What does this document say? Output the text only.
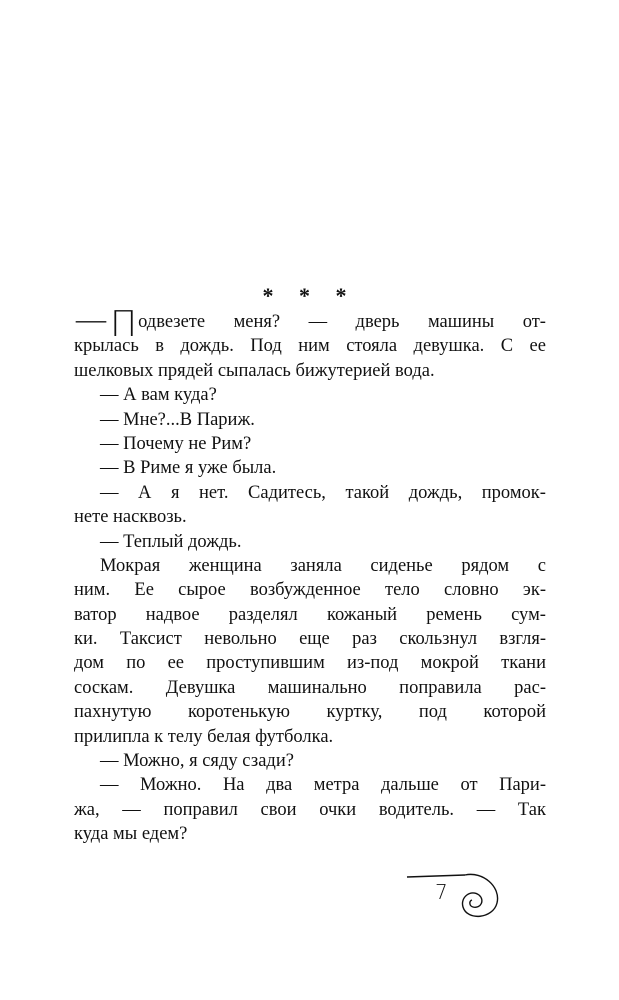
* * *
— П одвезете меня? — дверь машины от-
крылась в дождь. Под ним стояла девушка. С ее
шелковых прядей сыпалась бижутерией вода.
— А вам куда?
— Мне?...В Париж.
— Почему не Рим?
— В Риме я уже была.
— А я нет. Садитесь, такой дождь, промок-
нете насквозь.
— Теплый дождь.
Мокрая женщина заняла сиденье рядом с
ним. Ее сырое возбужденное тело словно эк-
ватор надвое разделял кожаный ремень сум-
ки. Таксист невольно еще раз скользнул взгля-
дом по ее проступившим из-под мокрой ткани
соскам. Девушка машинально поправила рас-
пахнутую коротенькую куртку, под которой
прилипла к телу белая футболка.
— Можно, я сяду сзади?
— Можно. На два метра дальше от Пари-
жа, — поправил свои очки водитель. — Так
куда мы едем?
7
